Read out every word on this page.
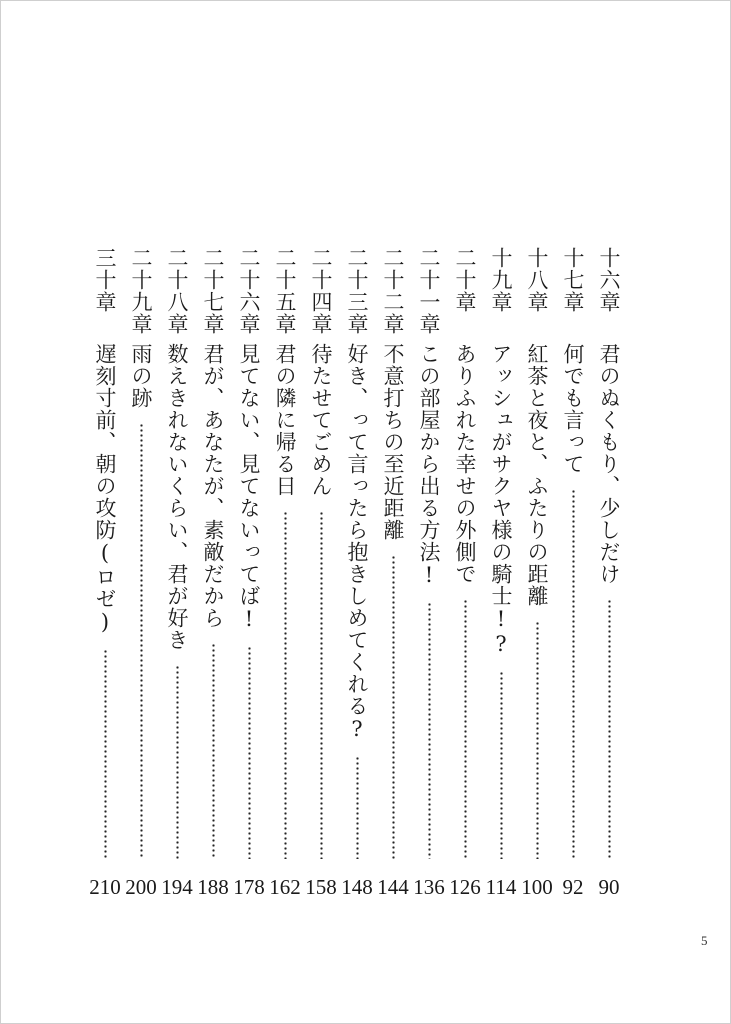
十六章
君のぬくもり、少しだけ
90
十七章
何でも言って
92
十八章
紅茶と夜と、ふたりの距離
100
十九章
アッシュがサクヤ様の騎士!?
114
二十章
ありふれた幸せの外側で
126
二十一章
この部屋から出る方法!
136
二十二章
不意打ちの至近距離
144
二十三章
好き、って言ったら抱きしめてくれる?
148
二十四章
待たせてごめん
158
二十五章
君の隣に帰る日
162
二十六章
見てない、見てないってば!
178
二十七章
君が、あなたが、素敵だから
188
二十八章
数えきれないくらい、君が好き
194
二十九章
雨の跡
200
三十章
遅刻寸前、朝の攻防(ロゼ)
210
5
